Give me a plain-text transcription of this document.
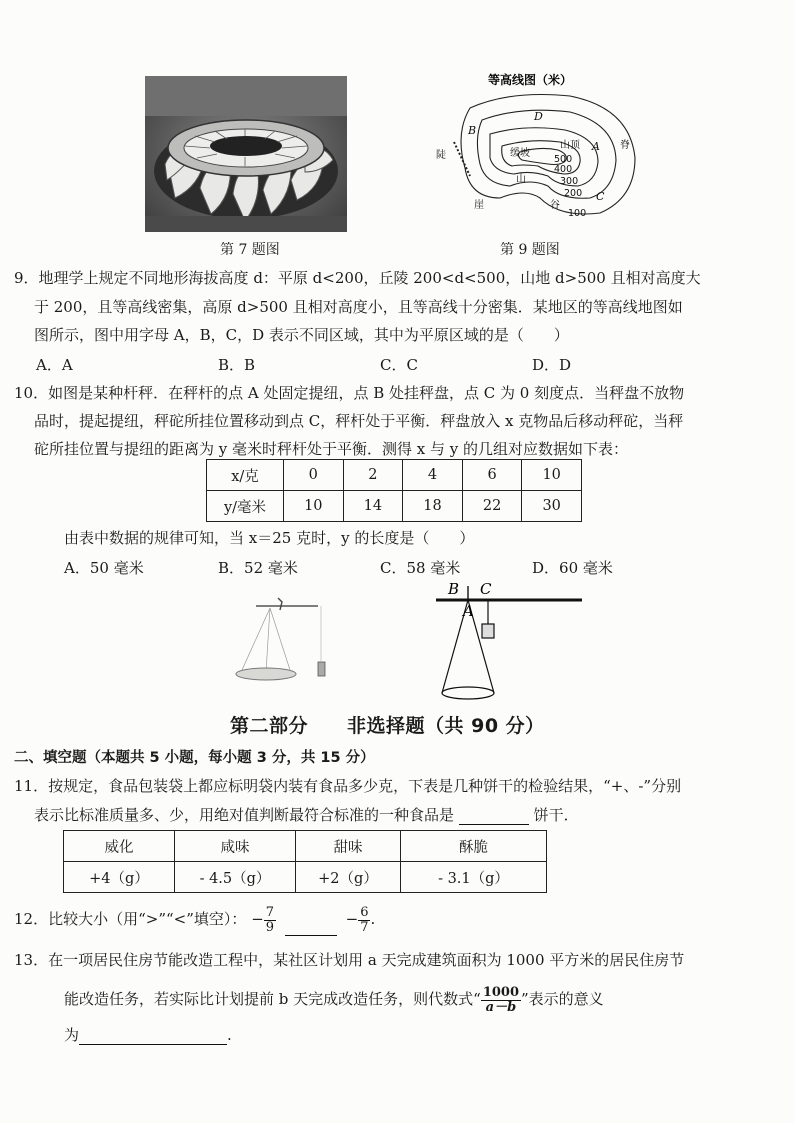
第 7 题图
等高线图（米）
D
B
A
C
陡	缓坡
山顶
山
脊
谷
崖
500
400
300
200
100
第 9 题图
9．地理学上规定不同地形海拔高度 d：平原 d<200，丘陵 200<d<500，山地 d>500 且相对高度大
于 200，且等高线密集，高原 d>500 且相对高度小，且等高线十分密集．某地区的等高线地图如
图所示，图中用字母 A，B，C，D 表示不同区域，其中为平原区域的是（　　）
A．A	B．B	C．C	D．D
10．如图是某种杆秤．在秤杆的点 A 处固定提纽，点 B 处挂秤盘，点 C 为 0 刻度点．当秤盘不放物
品时，提起提纽，秤砣所挂位置移动到点 C，秤杆处于平衡．秤盘放入 x 克物品后移动秤砣，当秤
砣所挂位置与提纽的距离为 y 毫米时秤杆处于平衡．测得 x 与 y 的几组对应数据如下表：
x/克	0	2	4	6	10
y/毫米	10	14	18	22	30
由表中数据的规律可知，当 x＝25 克时，y 的长度是（　　）
A．50 毫米	B．52 毫米	C．58 毫米	D．60 毫米
B C
A
第二部分　　非选择题（共 90 分）
二、填空题（本题共 5 小题，每小题 3 分，共 15 分）
11．按规定，食品包装袋上都应标明袋内装有食品多少克，下表是几种饼干的检验结果，“+、-”分别
表示比标准质量多、少，用绝对值判断最符合标准的一种食品是	饼干．
威化	咸味	甜味	酥脆
+4（g）	- 4.5（g）	+2（g）	- 3.1（g）
12．比较大小（用“>”“<”填空）： − $\frac{7}{9}$	− $\frac{6}{7}$ .
13．在一项居民住房节能改造工程中，某社区计划用 a 天完成建筑面积为 1000 平方米的居民住房节
能改造任务，若实际比计划提前 b 天完成改造任务，则代数式“ $\frac{1000}{a-b}$ ”表示的意义
为	.
